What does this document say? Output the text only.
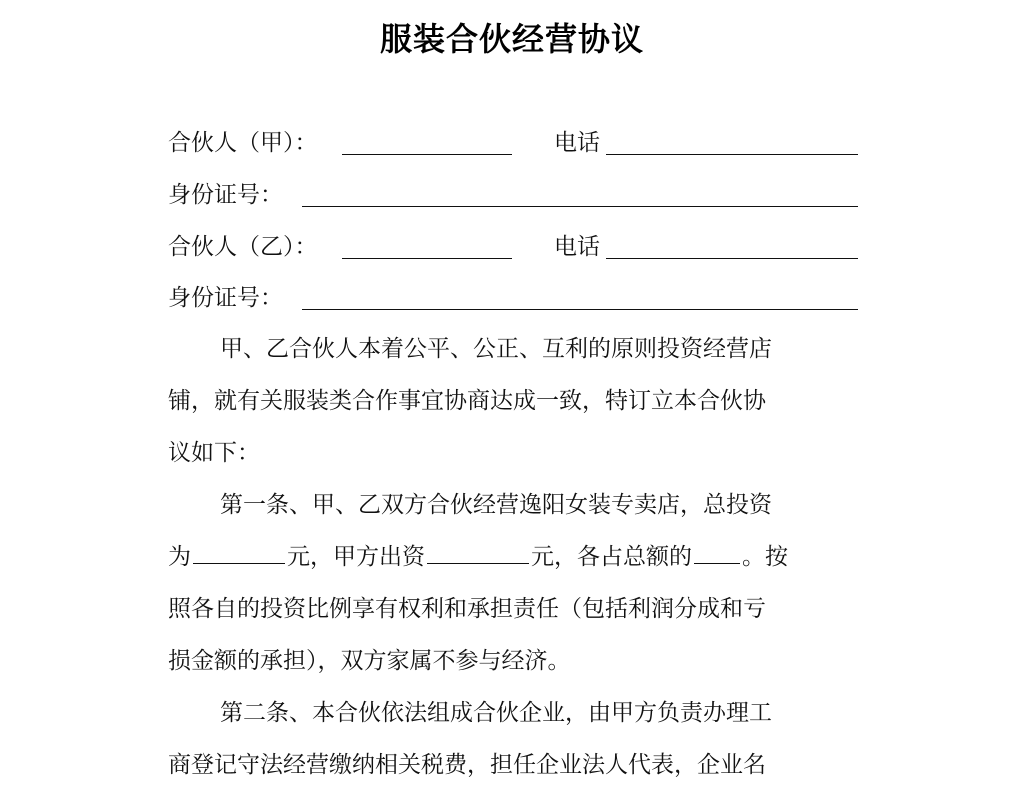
服装合伙经营协议
合伙人（甲）：	电话
身份证号：
合伙人（乙）：	电话
身份证号：
甲、乙合伙人本着公平、公正、互利的原则投资经营店
铺，就有关服装类合作事宜协商达成一致，特订立本合伙协
议如下：
第一条、甲、乙双方合伙经营逸阳女装专卖店，总投资
为	元，甲方出资	元，各占总额的 。按
照各自的投资比例享有权利和承担责任（包括利润分成和亏
损金额的承担），双方家属不参与经济。
第二条、本合伙依法组成合伙企业，由甲方负责办理工
商登记守法经营缴纳相关税费，担任企业法人代表，企业名
